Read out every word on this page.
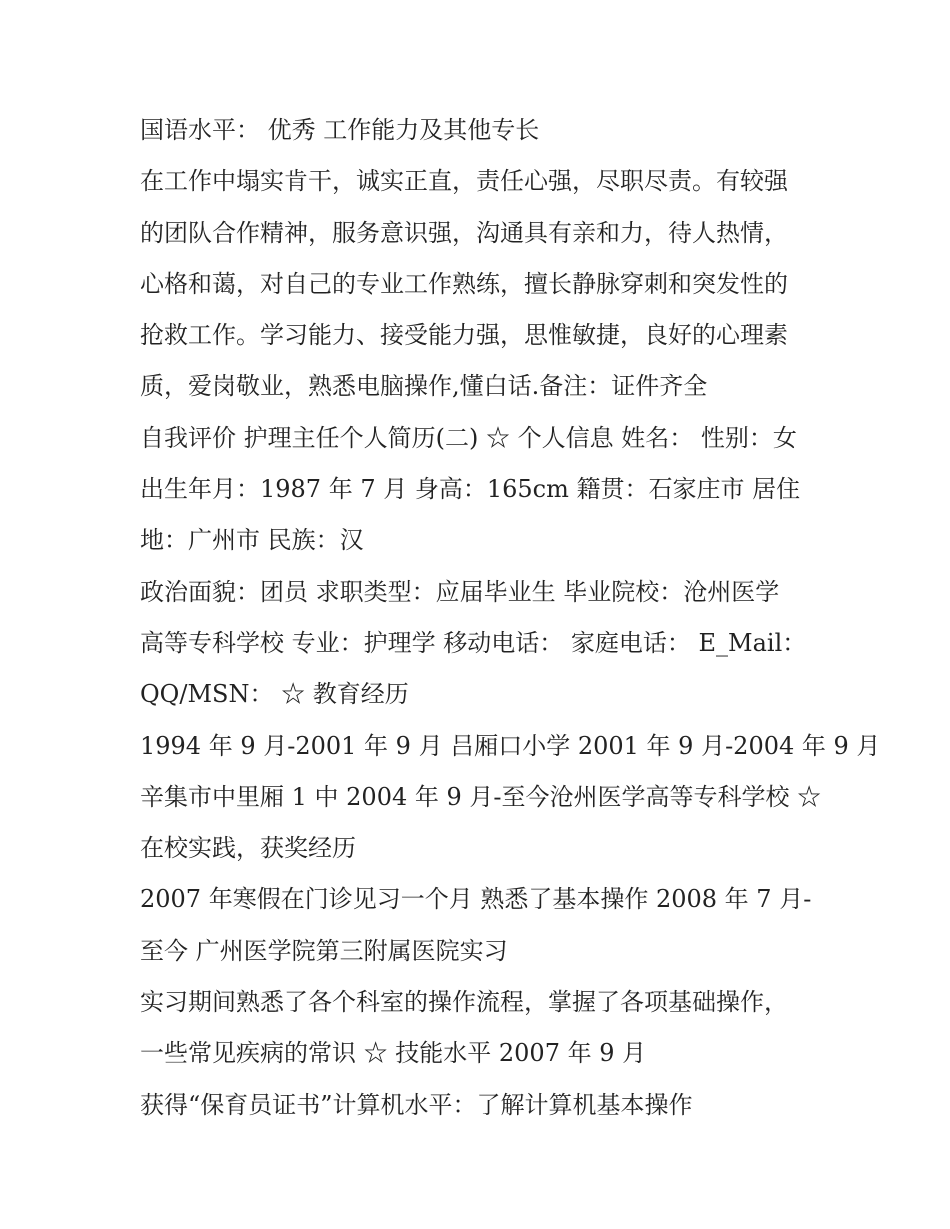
国语水平： 优秀 工作能力及其他专长
在工作中塌实肯干，诚实正直，责任心强，尽职尽责。有较强
的团队合作精神，服务意识强，沟通具有亲和力，待人热情，
心格和蔼，对自己的专业工作熟练，擅长静脉穿刺和突发性的
抢救工作。学习能力、接受能力强，思惟敏捷，良好的心理素
质，爱岗敬业，熟悉电脑操作,懂白话.备注：证件齐全
自我评价 护理主任个人简历(二) ☆ 个人信息 姓名： 性别：女
出生年月：1987 年 7 月 身高：165cm 籍贯：石家庄市 居住
地：广州市 民族：汉
政治面貌：团员 求职类型：应届毕业生 毕业院校：沧州医学
高等专科学校 专业：护理学 移动电话： 家庭电话： E_Mail：
QQ/MSN： ☆ 教育经历
1994 年 9 月-2001 年 9 月 吕厢口小学 2001 年 9 月-2004 年 9 月
辛集市中里厢 1 中 2004 年 9 月-至今沧州医学高等专科学校 ☆
在校实践，获奖经历
2007 年寒假在门诊见习一个月 熟悉了基本操作 2008 年 7 月-
至今 广州医学院第三附属医院实习
实习期间熟悉了各个科室的操作流程，掌握了各项基础操作，
一些常见疾病的常识 ☆ 技能水平 2007 年 9 月
获得“保育员证书”计算机水平：了解计算机基本操作
